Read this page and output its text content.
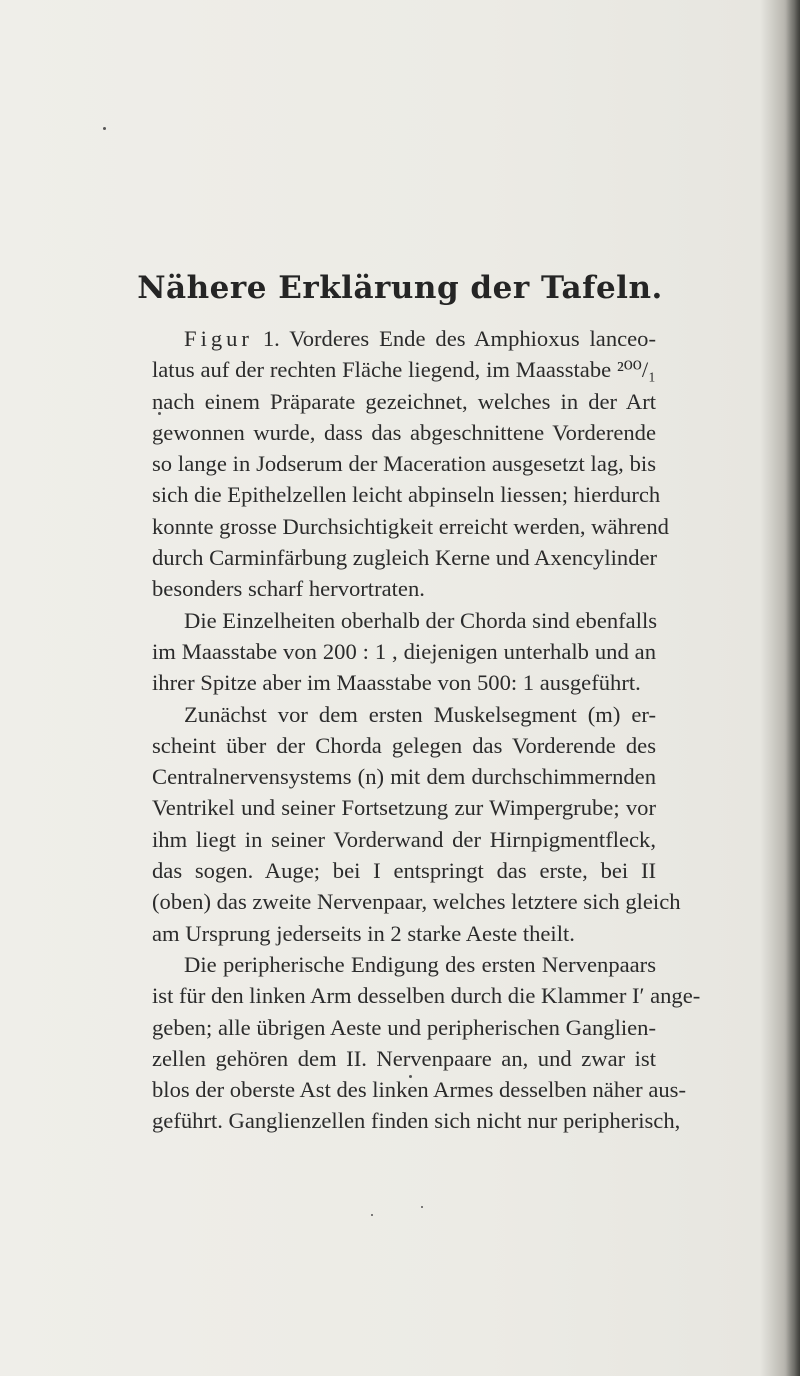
Nähere Erklärung der Tafeln.
Figur 1. Vorderes Ende des Amphioxus lanceo-
latus auf der rechten Fläche liegend, im Maasstabe ²⁰⁰/₁
nach einem Präparate gezeichnet, welches in der Art
gewonnen wurde, dass das abgeschnittene Vorderende
so lange in Jodserum der Maceration ausgesetzt lag, bis
sich die Epithelzellen leicht abpinseln liessen; hierdurch
konnte grosse Durchsichtigkeit erreicht werden, während
durch Carminfärbung zugleich Kerne und Axencylinder
besonders scharf hervortraten.
Die Einzelheiten oberhalb der Chorda sind ebenfalls
im Maasstabe von 200 : 1 , diejenigen unterhalb und an
ihrer Spitze aber im Maasstabe von 500: 1 ausgeführt.
Zunächst vor dem ersten Muskelsegment (m) er-
scheint über der Chorda gelegen das Vorderende des
Centralnervensystems (n) mit dem durchschimmernden
Ventrikel und seiner Fortsetzung zur Wimpergrube; vor
ihm liegt in seiner Vorderwand der Hirnpigmentfleck,
das sogen. Auge; bei I entspringt das erste, bei II
(oben) das zweite Nervenpaar, welches letztere sich gleich
am Ursprung jederseits in 2 starke Aeste theilt.
Die peripherische Endigung des ersten Nervenpaars
ist für den linken Arm desselben durch die Klammer I′ ange-
geben; alle übrigen Aeste und peripherischen Ganglien-
zellen gehören dem II. Nervenpaare an, und zwar ist
blos der oberste Ast des linken Armes desselben näher aus-
geführt. Ganglienzellen finden sich nicht nur peripherisch,
